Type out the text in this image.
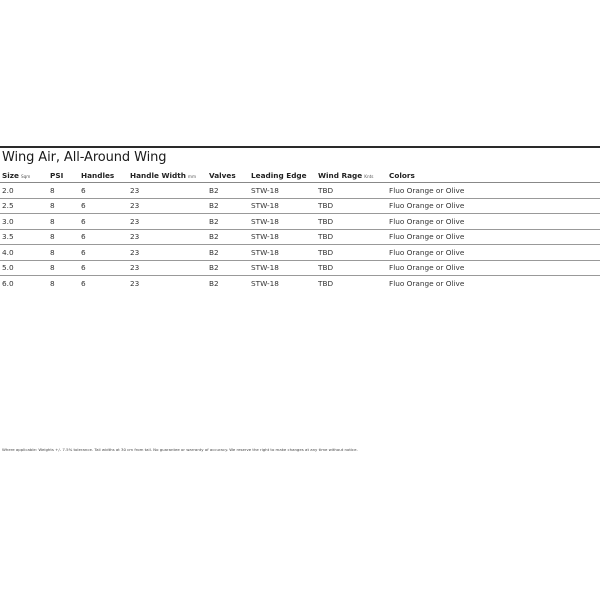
Wing Air, All-Around Wing
Size Sqm	PSI	Handles	Handle Width mm	Valves	Leading Edge	Wind Rage Knts	Colors
2.0	8	6	23	B2	STW-18	TBD	Fluo Orange or Olive
2.5	8	6	23	B2	STW-18	TBD	Fluo Orange or Olive
3.0	8	6	23	B2	STW-18	TBD	Fluo Orange or Olive
3.5	8	6	23	B2	STW-18	TBD	Fluo Orange or Olive
4.0	8	6	23	B2	STW-18	TBD	Fluo Orange or Olive
5.0	8	6	23	B2	STW-18	TBD	Fluo Orange or Olive
6.0	8	6	23	B2	STW-18	TBD	Fluo Orange or Olive
Where applicable: Weights +/- 7.5% tolerance. Tail widths at 30 cm from tail. No guarantee or warranty of accuracy. We reserve the right to make changes at any time without notice.
